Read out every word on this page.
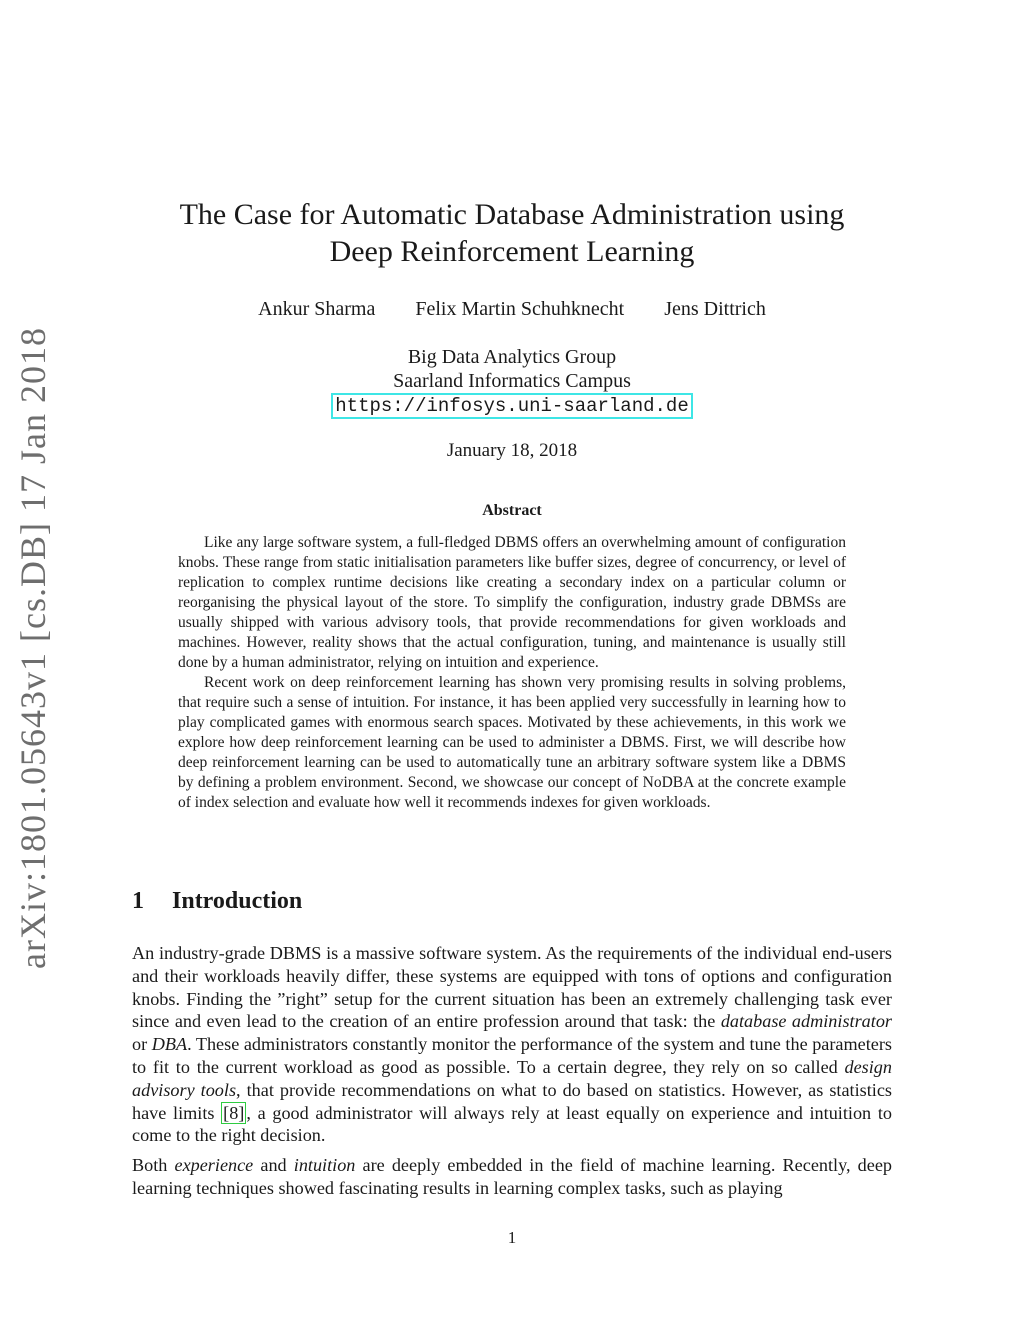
arXiv:1801.05643v1 [cs.DB] 17 Jan 2018
The Case for Automatic Database Administration using
Deep Reinforcement Learning
Ankur Sharma Felix Martin Schuhknecht Jens Dittrich
Big Data Analytics Group
Saarland Informatics Campus
https://infosys.uni-saarland.de
January 18, 2018
Abstract

Like any large software system, a full-fledged DBMS offers an overwhelming amount of configuration knobs. These range from static initialisation parameters like buffer sizes, degree of concurrency, or level of replication to complex runtime decisions like creating a secondary index on a particular column or reorganising the physical layout of the store. To simplify the configuration, industry grade DBMSs are usually shipped with various advisory tools, that provide recommendations for given workloads and machines. However, reality shows that the actual configuration, tuning, and maintenance is usually still done by a human administrator, relying on intuition and experience.

Recent work on deep reinforcement learning has shown very promising results in solving problems, that require such a sense of intuition. For instance, it has been applied very successfully in learning how to play complicated games with enormous search spaces. Motivated by these achievements, in this work we explore how deep reinforcement learning can be used to administer a DBMS. First, we will describe how deep reinforcement learning can be used to automatically tune an arbitrary software system like a DBMS by defining a problem environment. Second, we showcase our concept of NoDBA at the concrete example of index selection and evaluate how well it recommends indexes for given workloads.

1 Introduction

An industry-grade DBMS is a massive software system. As the requirements of the individual end-users and their workloads heavily differ, these systems are equipped with tons of options and configuration knobs. Finding the ”right” setup for the current situation has been an extremely challenging task ever since and even lead to the creation of an entire profession around that task: the database administrator or DBA. These administrators constantly monitor the performance of the system and tune the parameters to fit to the current workload as good as possible. To a certain degree, they rely on so called design advisory tools, that provide recommendations on what to do based on statistics. However, as statistics have limits [8] , a good administrator will always rely at least equally on experience and intuition to come to the right decision.

Both experience and intuition are deeply embedded in the field of machine learning. Recently, deep learning techniques showed fascinating results in learning complex tasks, such as playing

1
